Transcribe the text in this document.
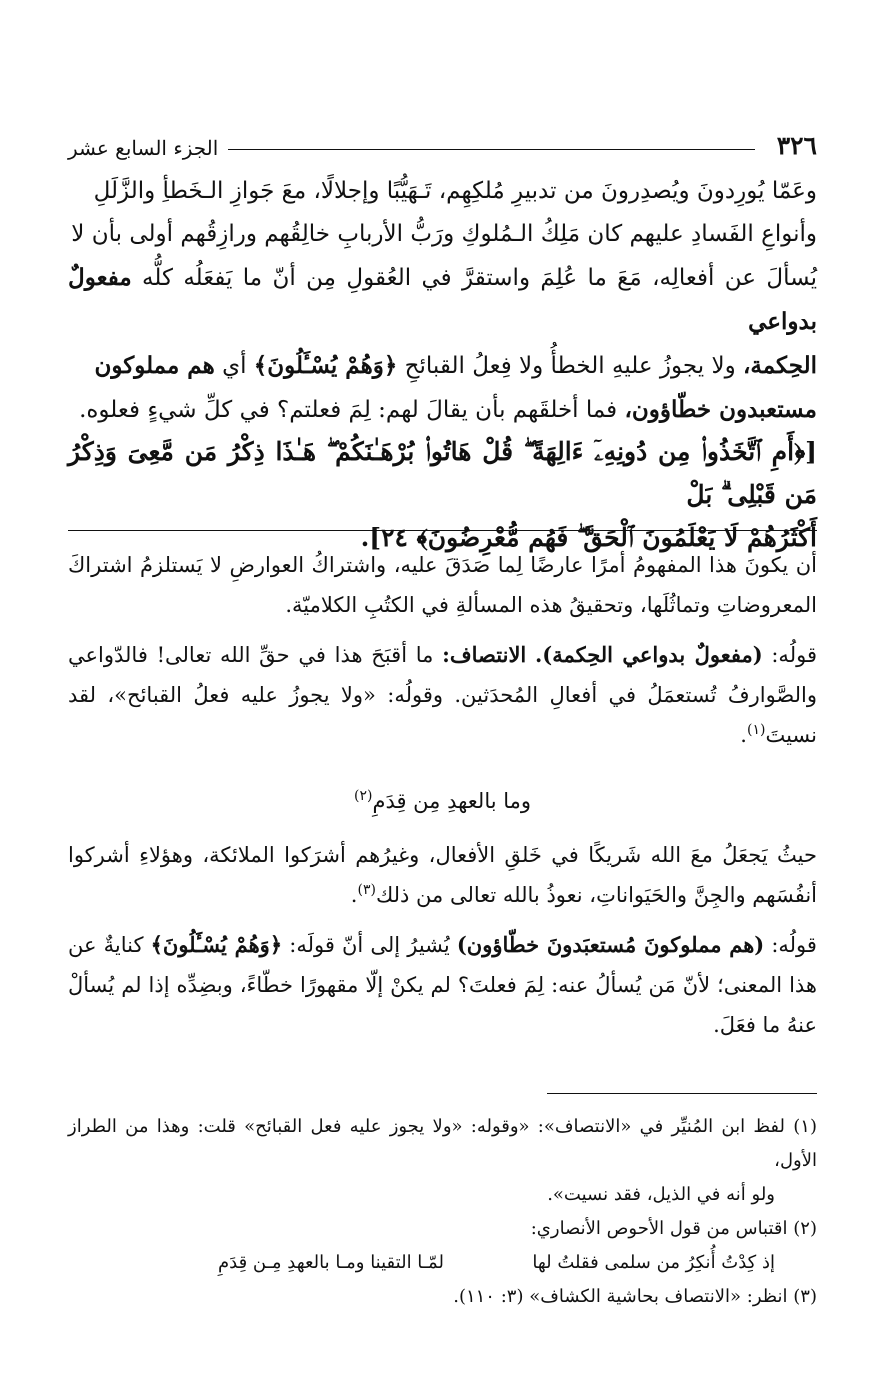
٣٢٦
الجزء السابع عشر

وعَمّا يُورِدونَ ويُصدِرونَ من تدبيرِ مُلكِهِم، تَـهَيُّبًا وإجلالًا، معَ جَوازِ الـخَطأِ والزَّلَلِ

وأنواعِ الفَسادِ عليهم كان مَلِكُ الـمُلوكِ ورَبُّ الأربابِ خالِقُهم ورازِقُهم أولى بأن لا

يُسألَ عن أفعالِه، مَعَ ما عُلِمَ واستقرَّ في العُقولِ مِن أنّ ما يَفعَلُه كلُّه مفعولٌ بدواعي

الحِكمة، ولا يجوزُ عليهِ الخطأُ ولا فِعلُ القبائحِ ﴿وَهُمْ يُسْـَٔلُونَ﴾ أي هم مملوكون

مستعبدون خطّاؤون، فما أخلقَهم بأن يقالَ لهم: لِمَ فعلتم؟ في كلِّ شيءٍ فعلوه.

[﴿أَمِ ٱتَّخَذُوا۟ مِن دُونِهِۦٓ ءَالِهَةً ۖ قُلْ هَاتُوا۟ بُرْهَـٰنَكُمْ ۖ هَـٰذَا ذِكْرُ مَن مَّعِىَ وَذِكْرُ مَن قَبْلِى ۗ بَلْ

أَكْثَرُهُمْ لَا يَعْلَمُونَ ٱلْحَقَّ ۖ فَهُم مُّعْرِضُونَ﴾ ٢٤].

أن يكونَ هذا المفهومُ أمرًا عارضًا لِما صَدَقَ عليه، واشتراكُ العوارضِ لا يَستلزمُ اشتراكَ المعروضاتِ وتماثُلَها، وتحقيقُ هذه المسألةِ في الكتُبِ الكلاميّة.

قولُه: (مفعولٌ بدواعي الحِكمة). الانتصاف: ما أقبَحَ هذا في حقِّ الله تعالى! فالدّواعي والصَّوارفُ تُستعمَلُ في أفعالِ المُحدَثين. وقولُه: «ولا يجوزُ عليه فعلُ القبائح»، لقد نسيتَ$^{(١)}$.

وما بالعهدِ مِن قِدَمِ$^{(٢)}$

حيثُ يَجعَلُ معَ الله شَريكًا في خَلقِ الأفعال، وغيرُهم أشرَكوا الملائكة، وهؤلاءِ أشركوا أنفُسَهم والجِنَّ والحَيَواناتِ، نعوذُ بالله تعالى من ذلك$^{(٣)}$.

قولُه: (هم مملوكونَ مُستعبَدونَ خطّاؤون) يُشيرُ إلى أنّ قولَه: ﴿وَهُمْ يُسْـَٔلُونَ﴾ كنايةٌ عن هذا المعنى؛ لأنّ مَن يُسألُ عنه: لِمَ فعلتَ؟ لم يكنْ إلّا مقهورًا خطّاءً، وبضِدِّه إذا لم يُسألْ عنهُ ما فعَلَ.

(١) لفظ ابن المُنيِّر في «الانتصاف»: «وقوله: «ولا يجوز عليه فعل القبائح» قلت: وهذا من الطراز الأول،

ولو أنه في الذيل، فقد نسيت».

(٢) اقتباس من قول الأحوص الأنصاري:

إذ كِدْتُ أُنكِرُ من سلمى فقلتُ لها
لمّـا التقينا ومـا بالعهدِ مِـن قِدَمِ

(٣) انظر: «الانتصاف بحاشية الكشاف» (٣: ١١٠).
